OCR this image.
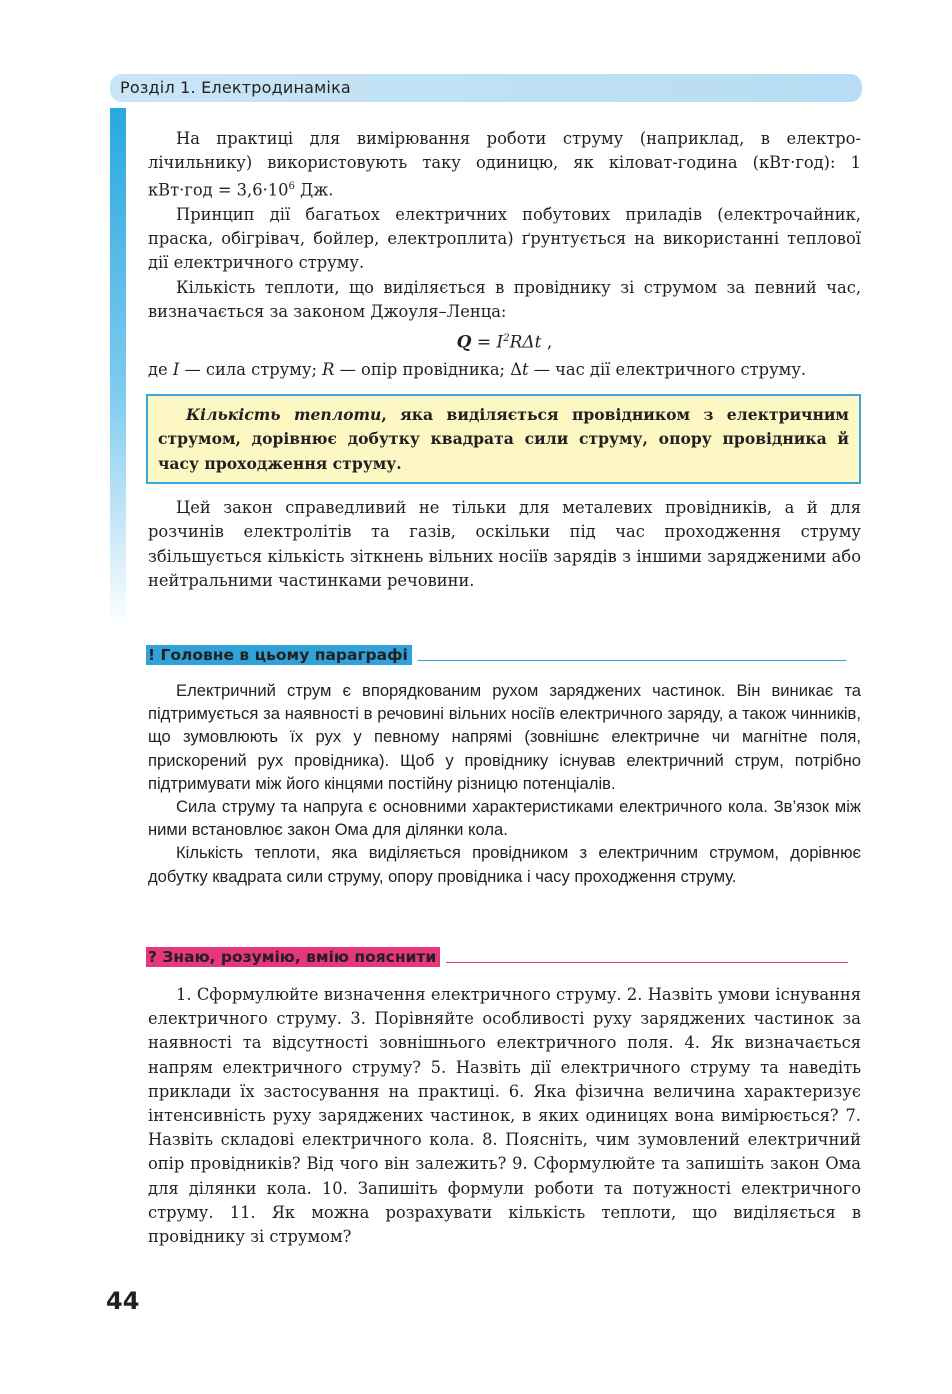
Розділ 1. Електродинаміка

На практиці для вимірювання роботи струму (наприклад, в електро-лічильнику) використовують таку одиницю, як кіловат-година (кВт·год): 1 $кВт\cdot год = 3,6\cdot 10^6$ Дж.

Принцип дії багатьох електричних побутових приладів (електрочайник, праска, обігрівач, бойлер, електроплита) ґрунтується на використанні теплової дії електричного струму.

Кількість теплоти, що виділяється в провіднику зі струмом за певний час, визначається за законом Джоуля–Ленца:

$Q = I^2R\Delta t$ ,

де I — сила струму; R — опір провідника; Δt — час дії електричного струму.

Кількість теплоти, яка виділяється провідником з електричним струмом, дорівнює добутку квадрата сили струму, опору провідника й часу проходження струму.

Цей закон справедливий не тільки для металевих провідників, а й для розчинів електролітів та газів, оскільки під час проходження струму збільшується кількість зіткнень вільних носіїв зарядів з іншими зарядженими або нейтральними частинками речовини.

! Головне в цьому параграфі

Електричний струм є впорядкованим рухом заряджених частинок. Він виникає та підтримується за наявності в речовині вільних носіїв електричного заряду, а також чинників, що зумовлюють їх рух у певному напрямі (зовнішнє електричне чи магнітне поля, прискорений рух провідника). Щоб у провіднику існував електричний струм, потрібно підтримувати між його кінцями постійну різницю потенціалів.

Сила струму та напруга є основними характеристиками електричного кола. Зв’язок між ними встановлює закон Ома для ділянки кола.

Кількість теплоти, яка виділяється провідником з електричним струмом, дорівнює добутку квадрата сили струму, опору провідника і часу проходження струму.

? Знаю, розумію, вмію пояснити

1. Сформулюйте визначення електричного струму. 2. Назвіть умови існування електричного струму. 3. Порівняйте особливості руху заряджених частинок за наявності та відсутності зовнішнього електричного поля. 4. Як визначається напрям електричного струму? 5. Назвіть дії електричного струму та наведіть приклади їх застосування на практиці. 6. Яка фізична величина характеризує інтенсивність руху заряджених частинок, в яких одиницях вона вимірюється? 7. Назвіть складові електричного кола. 8. Поясніть, чим зумовлений електричний опір провідників? Від чого він залежить? 9. Сформулюйте та запишіть закон Ома для ділянки кола. 10. Запишіть формули роботи та потужності електричного струму. 11. Як можна розрахувати кількість теплоти, що виділяється в провіднику зі струмом?

44
